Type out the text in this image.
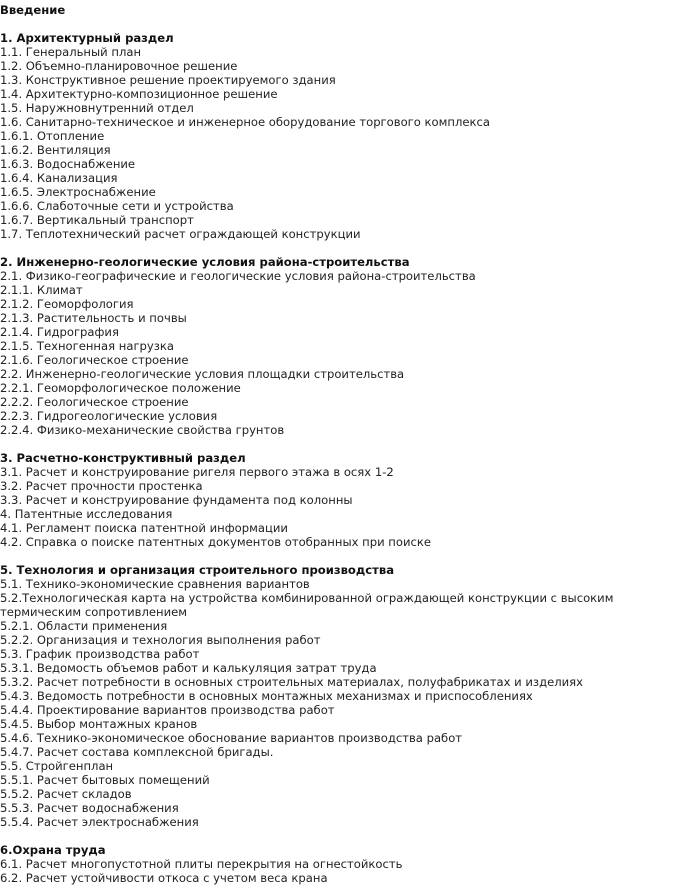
Введение
1. Архитектурный раздел
1.1. Генеральный план
1.2. Объемно-планировочное решение
1.3. Конструктивное решение проектируемого здания
1.4. Архитектурно-композиционное решение
1.5. Наружновнутренний отдел
1.6. Санитарно-техническое и инженерное оборудование торгового комплекса
1.6.1. Отопление
1.6.2. Вентиляция
1.6.3. Водоснабжение
1.6.4. Канализация
1.6.5. Электроснабжение
1.6.6. Слаботочные сети и устройства
1.6.7. Вертикальный транспорт
1.7. Теплотехнический расчет ограждающей конструкции
2. Инженерно-геологические условия района-строительства
2.1. Физико-географические и геологические условия района-строительства
2.1.1. Климат
2.1.2. Геоморфология
2.1.3. Растительность и почвы
2.1.4. Гидрография
2.1.5. Техногенная нагрузка
2.1.6. Геологическое строение
2.2. Инженерно-геологические условия площадки строительства
2.2.1. Геоморфологическое положение
2.2.2. Геологическое строение
2.2.3. Гидрогеологические условия
2.2.4. Физико-механические свойства грунтов
3. Расчетно-конструктивный раздел
3.1. Расчет и конструирование ригеля первого этажа в осях 1-2
3.2. Расчет прочности простенка
3.3. Расчет и конструирование фундамента под колонны
4. Патентные исследования
4.1. Регламент поиска патентной информации
4.2. Справка о поиске патентных документов отобранных при поиске
5. Технология и организация строительного производства
5.1. Технико-экономические сравнения вариантов
5.2.Технологическая карта на устройства комбинированной ограждающей конструкции с высоким термическим сопротивлением
5.2.1. Области применения
5.2.2. Организация и технология выполнения работ
5.3. График производства работ
5.3.1. Ведомость объемов работ и калькуляция затрат труда
5.3.2. Расчет потребности в основных строительных материалах, полуфабрикатах и изделиях
5.4.3. Ведомость потребности в основных монтажных механизмах и приспособлениях
5.4.4. Проектирование вариантов производства работ
5.4.5. Выбор монтажных кранов
5.4.6. Технико-экономическое обоснование вариантов производства работ
5.4.7. Расчет состава комплексной бригады.
5.5. Стройгенплан
5.5.1. Расчет бытовых помещений
5.5.2. Расчет складов
5.5.3. Расчет водоснабжения
5.5.4. Расчет электроснабжения
6.Охрана труда
6.1. Расчет многопустотной плиты перекрытия на огнестойкость
6.2. Расчет устойчивости откоса с учетом веса крана
